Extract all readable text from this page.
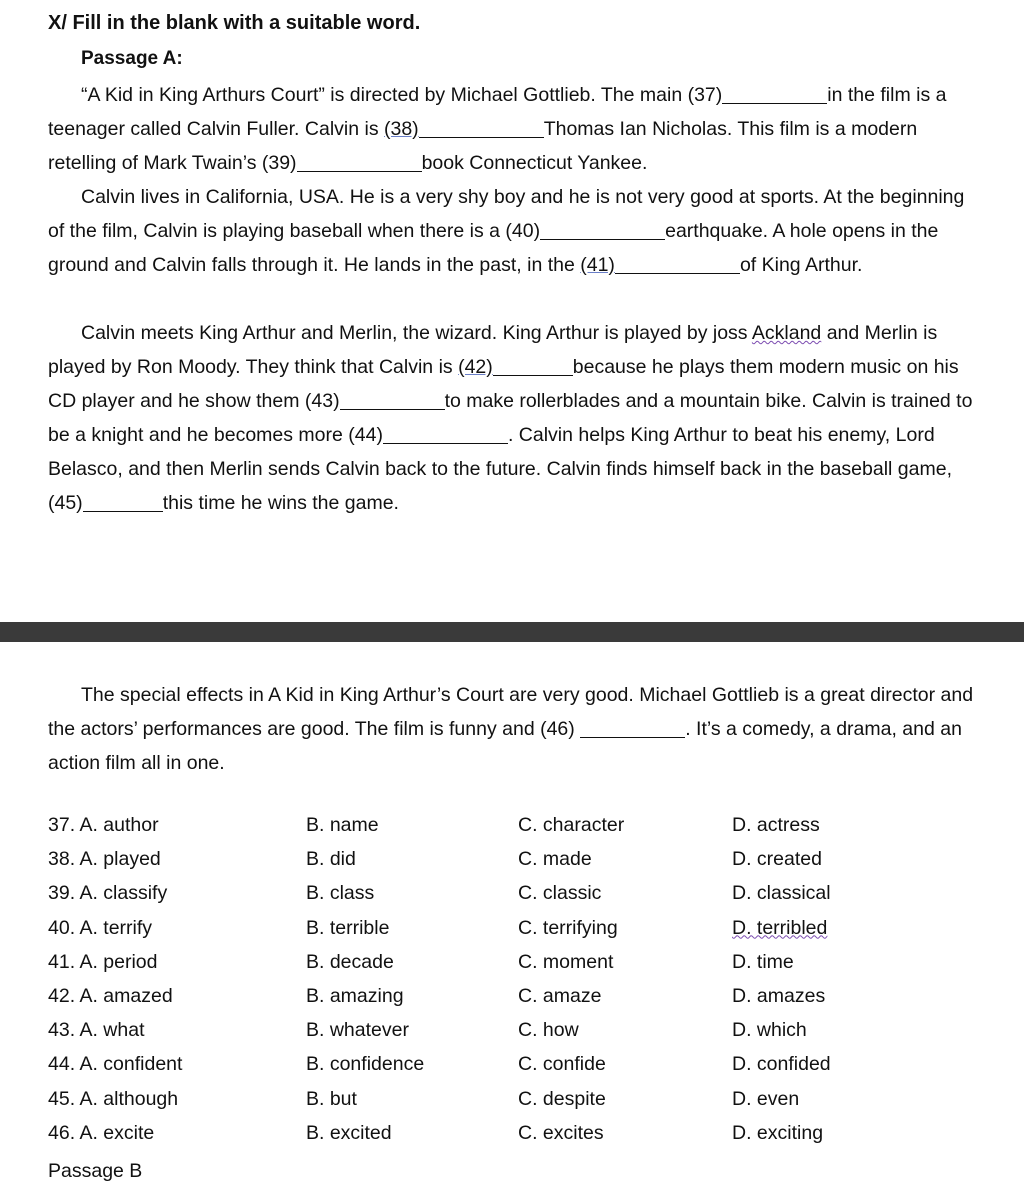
X/ Fill in the blank with a suitable word.

Passage A:

“A Kid in King Arthurs Court” is directed by Michael Gottlieb. The main (37)	in the film is a teenager called Calvin Fuller. Calvin is (38)	Thomas Ian Nicholas. This film is a modern retelling of Mark Twain’s (39)	book Connecticut Yankee.

Calvin lives in California, USA. He is a very shy boy and he is not very good at sports. At the beginning of the film, Calvin is playing baseball when there is a (40)	earthquake. A hole opens in the ground and Calvin falls through it. He lands in the past, in the (41)	of King Arthur.

Calvin meets King Arthur and Merlin, the wizard. King Arthur is played by joss Ackland and Merlin is played by Ron Moody. They think that Calvin is (42)	because he plays them modern music on his CD player and he show them (43)	to make rollerblades and a mountain bike. Calvin is trained to be a knight and he becomes more (44)	. Calvin helps King Arthur to beat his enemy, Lord Belasco, and then Merlin sends Calvin back to the future. Calvin finds himself back in the baseball game, (45)	this time he wins the game.

The special effects in A Kid in King Arthur’s Court are very good. Michael Gottlieb is a great director and the actors’ performances are good. The film is funny and (46)	. It’s a comedy, a drama, and an action film all in one.

37. A. author	B. name	C. character	D. actress
38. A. played	B. did	C. made	D. created
39. A. classify	B. class	C. classic	D. classical
40. A. terrify	B. terrible	C. terrifying	D. terribled
41. A. period	B. decade	C. moment	D. time
42. A. amazed	B. amazing	C. amaze	D. amazes
43. A. what	B. whatever	C. how	D. which
44. A. confident	B. confidence	C. confide	D. confided
45. A. although	B. but	C. despite	D. even
46. A. excite	B. excited	C. excites	D. exciting
Passage B
